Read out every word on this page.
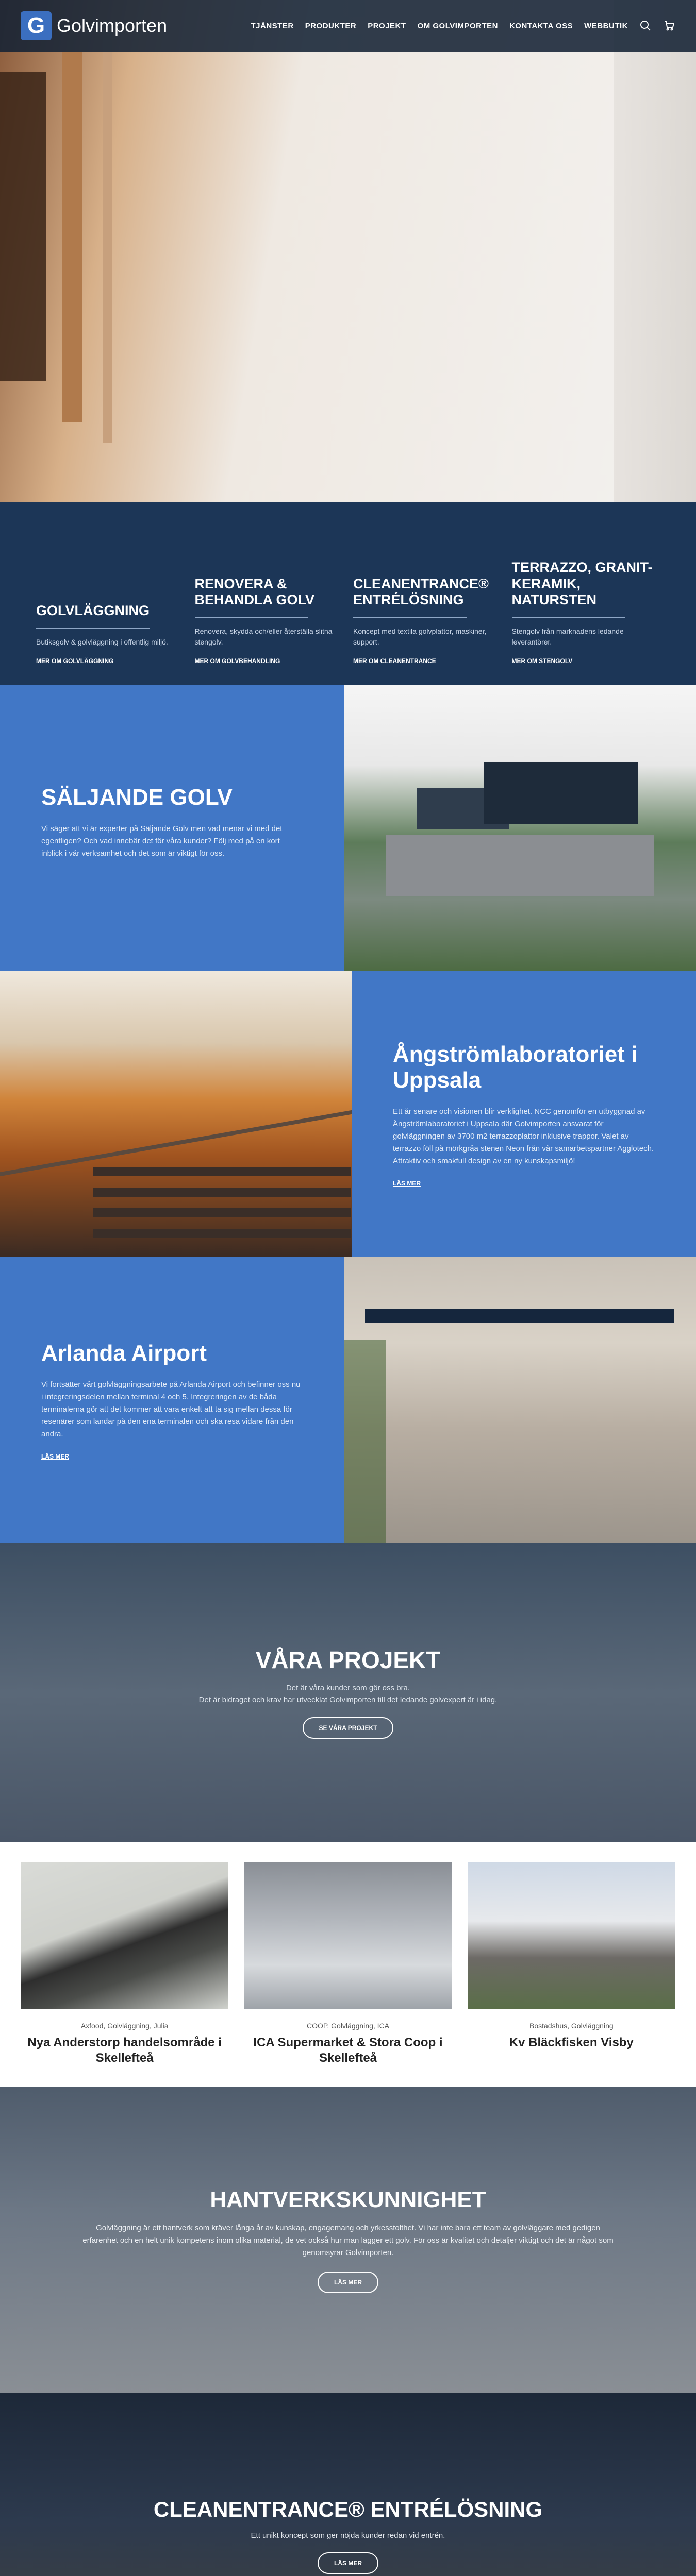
G Golvimporten	TJÄNSTER PRODUKTER PROJEKT OM GOLVIMPORTEN KONTAKTA OSS WEBBUTIK
GOLVLÄGGNING

Butiksgolv & golvläggning i offentlig miljö.

MER OM GOLVLÄGGNING
RENOVERA & BEHANDLA GOLV

Renovera, skydda och/eller återställa slitna stengolv.

MER OM GOLVBEHANDLING
CLEANENTRANCE® ENTRÉLÖSNING

Koncept med textila golvplattor, maskiner, support.

MER OM CLEANENTRANCE
TERRAZZO, GRANIT-KERAMIK, NATURSTEN

Stengolv från marknadens ledande leverantörer.

MER OM STENGOLV
SÄLJANDE GOLV

Vi säger att vi är experter på Säljande Golv men vad menar vi med det egentligen? Och vad innebär det för våra kunder? Följ med på en kort inblick i vår verksamhet och det som är viktigt för oss.

Ångströmlaboratoriet i Uppsala

Ett år senare och visionen blir verklighet. NCC genomför en utbyggnad av Ångströmlaboratoriet i Uppsala där Golvimporten ansvarat för golvläggningen av 3700 m2 terrazzoplattor inklusive trappor. Valet av terrazzo föll på mörkgråa stenen Neon från vår samarbetspartner Agglotech. Attraktiv och smakfull design av en ny kunskapsmiljö!

LÄS MER
Arlanda Airport

Vi fortsätter vårt golvläggningsarbete på Arlanda Airport och befinner oss nu i integreringsdelen mellan terminal 4 och 5. Integreringen av de båda terminalerna gör att det kommer att vara enkelt att ta sig mellan dessa för resenärer som landar på den ena terminalen och ska resa vidare från den andra.

LÄS MER
VÅRA PROJEKT

Det är våra kunder som gör oss bra.
Det är bidraget och krav har utvecklat Golvimporten till det ledande golvexpert är i idag.

SE VÅRA PROJEKT
Axfood, Golvläggning, Julia
Nya Anderstorp handelsområde i Skellefteå
COOP, Golvläggning, ICA
ICA Supermarket & Stora Coop i Skellefteå
Bostadshus, Golvläggning
Kv Bläckfisken Visby
HANTVERKSKUNNIGHET

Golvläggning är ett hantverk som kräver långa år av kunskap, engagemang och yrkesstolthet. Vi har inte bara ett team av golvläggare med gedigen erfarenhet och en helt unik kompetens inom olika material, de vet också hur man lägger ett golv. För oss är kvalitet och detaljer viktigt och det är något som genomsyrar Golvimporten.

LÄS MER
CLEANENTRANCE® ENTRÉLÖSNING

Ett unikt koncept som ger nöjda kunder redan vid entrén.

LÄS MER
